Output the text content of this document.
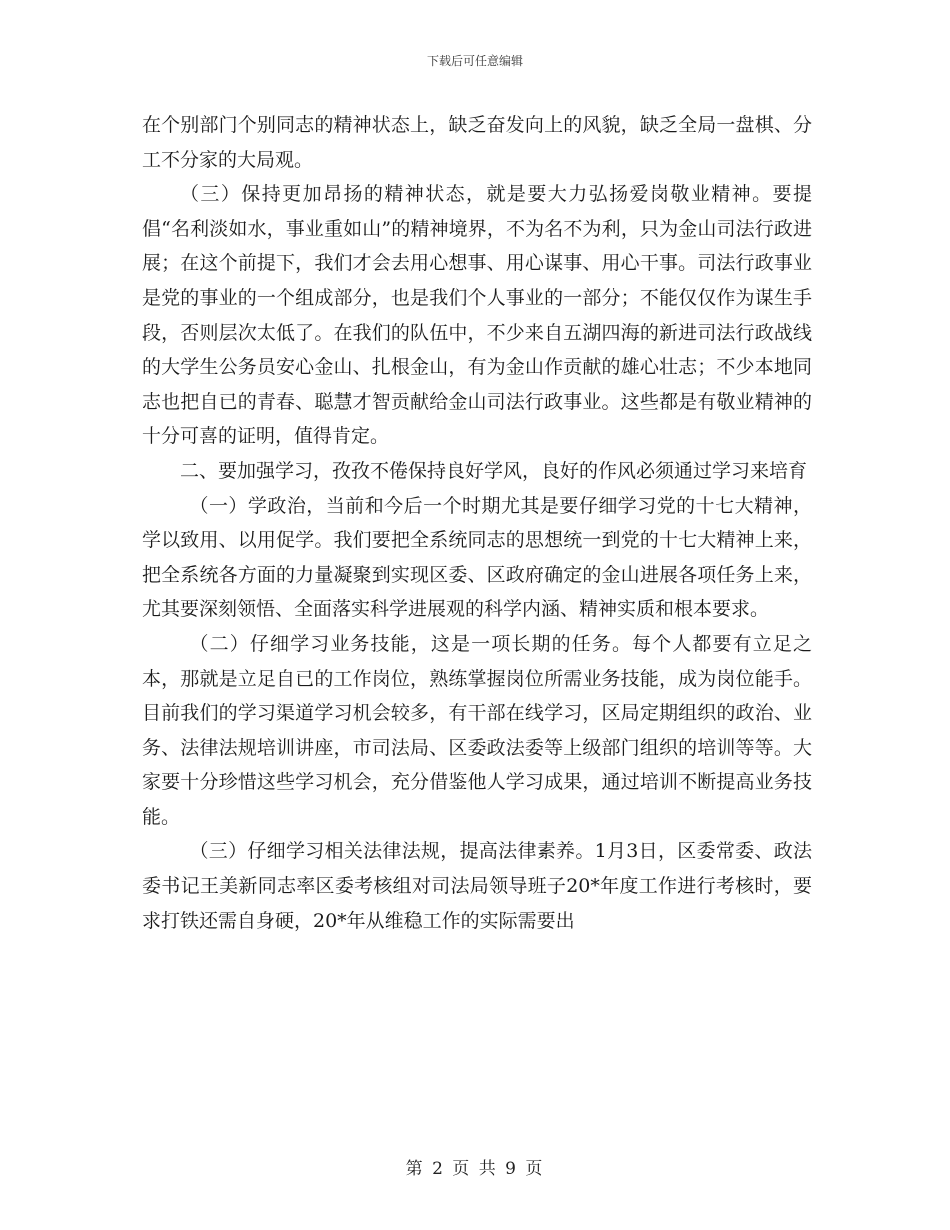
下载后可任意编辑

在个别部门个别同志的精神状态上，缺乏奋发向上的风貌，缺乏全局一盘棋、分工不分家的大局观。

（三）保持更加昂扬的精神状态，就是要大力弘扬爱岗敬业精神。要提倡“名利淡如水，事业重如山”的精神境界，不为名不为利，只为金山司法行政进展；在这个前提下，我们才会去用心想事、用心谋事、用心干事。司法行政事业是党的事业的一个组成部分，也是我们个人事业的一部分；不能仅仅作为谋生手段，否则层次太低了。在我们的队伍中，不少来自五湖四海的新进司法行政战线的大学生公务员安心金山、扎根金山，有为金山作贡献的雄心壮志；不少本地同志也把自已的青春、聪慧才智贡献给金山司法行政事业。这些都是有敬业精神的十分可喜的证明，值得肯定。

二、要加强学习，孜孜不倦保持良好学风，良好的作风必须通过学习来培育

（一）学政治，当前和今后一个时期尤其是要仔细学习党的十七大精神，学以致用、以用促学。我们要把全系统同志的思想统一到党的十七大精神上来，把全系统各方面的力量凝聚到实现区委、区政府确定的金山进展各项任务上来，尤其要深刻领悟、全面落实科学进展观的科学内涵、精神实质和根本要求。

（二）仔细学习业务技能，这是一项长期的任务。每个人都要有立足之本，那就是立足自已的工作岗位，熟练掌握岗位所需业务技能，成为岗位能手。目前我们的学习渠道学习机会较多，有干部在线学习，区局定期组织的政治、业务、法律法规培训讲座，市司法局、区委政法委等上级部门组织的培训等等。大家要十分珍惜这些学习机会，充分借鉴他人学习成果，通过培训不断提高业务技能。

（三）仔细学习相关法律法规，提高法律素养。1月3日，区委常委、政法委书记王美新同志率区委考核组对司法局领导班子20*年度工作进行考核时，要求打铁还需自身硬，20*年从维稳工作的实际需要出

第 2 页 共 9 页
